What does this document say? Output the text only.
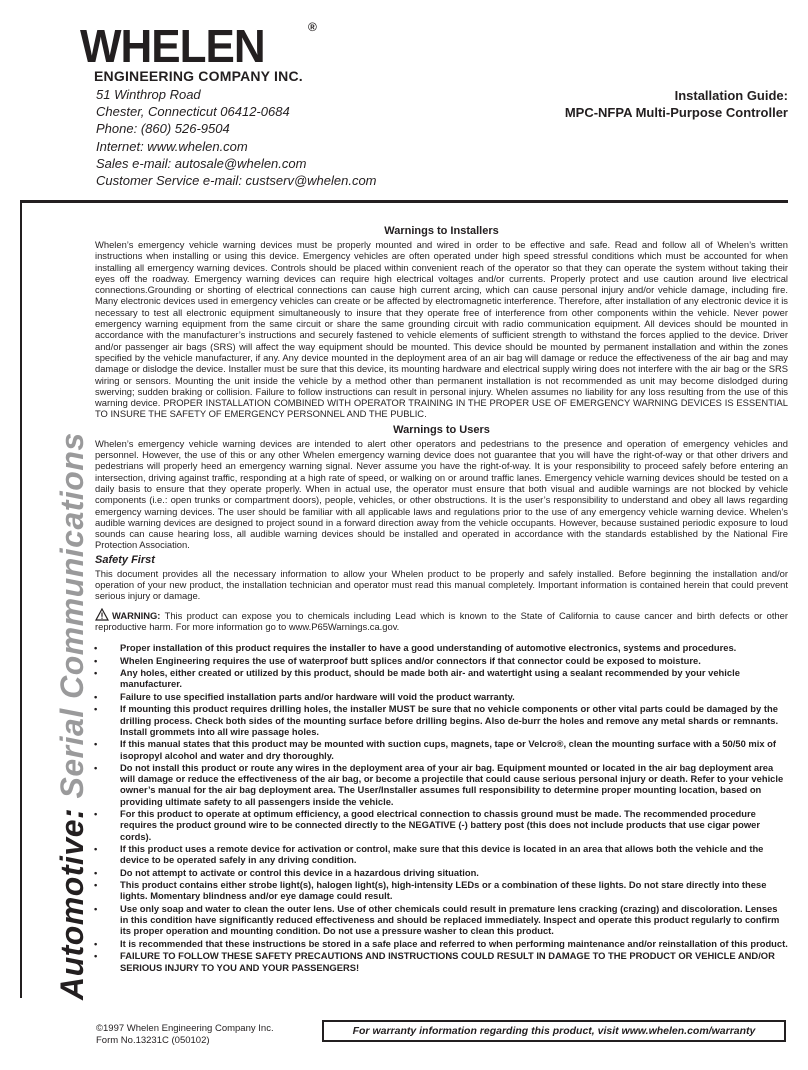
WHELEN	®
ENGINEERING COMPANY INC.
51 Winthrop Road
Chester, Connecticut 06412-0684
Phone: (860) 526-9504
Internet: www.whelen.com
Sales e-mail: autosale@whelen.com
Customer Service e-mail: custserv@whelen.com
Installation Guide:
MPC-NFPA Multi-Purpose Controller
Automotive: Serial Communications
Warnings to Installers

Whelen’s emergency vehicle warning devices must be properly mounted and wired in order to be effective and safe. Read and follow all of Whelen’s written instructions when installing or using this device. Emergency vehicles are often operated under high speed stressful conditions which must be accounted for when installing all emergency warning devices. Controls should be placed within convenient reach of the operator so that they can operate the system without taking their eyes off the roadway. Emergency warning devices can require high electrical voltages and/or currents. Properly protect and use caution around live electrical connections.Grounding or shorting of electrical connections can cause high current arcing, which can cause personal injury and/or vehicle damage, including fire. Many electronic devices used in emergency vehicles can create or be affected by electromagnetic interference. Therefore, after installation of any electronic device it is necessary to test all electronic equipment simultaneously to insure that they operate free of interference from other components within the vehicle. Never power emergency warning equipment from the same circuit or share the same grounding circuit with radio communication equipment. All devices should be mounted in accordance with the manufacturer’s instructions and securely fastened to vehicle elements of sufficient strength to withstand the forces applied to the device. Driver and/or passenger air bags (SRS) will affect the way equipment should be mounted. This device should be mounted by permanent installation and within the zones specified by the vehicle manufacturer, if any. Any device mounted in the deployment area of an air bag will damage or reduce the effectiveness of the air bag and may damage or dislodge the device. Installer must be sure that this device, its mounting hardware and electrical supply wiring does not interfere with the air bag or the SRS wiring or sensors. Mounting the unit inside the vehicle by a method other than permanent installation is not recommended as unit may become dislodged during swerving; sudden braking or collision. Failure to follow instructions can result in personal injury. Whelen assumes no liability for any loss resulting from the use of this warning device. PROPER INSTALLATION COMBINED WITH OPERATOR TRAINING IN THE PROPER USE OF EMERGENCY WARNING DEVICES IS ESSENTIAL TO INSURE THE SAFETY OF EMERGENCY PERSONNEL AND THE PUBLIC.

Warnings to Users

Whelen’s emergency vehicle warning devices are intended to alert other operators and pedestrians to the presence and operation of emergency vehicles and personnel. However, the use of this or any other Whelen emergency warning device does not guarantee that you will have the right-of-way or that other drivers and pedestrians will properly heed an emergency warning signal. Never assume you have the right-of-way. It is your responsibility to proceed safely before entering an intersection, driving against traffic, responding at a high rate of speed, or walking on or around traffic lanes. Emergency vehicle warning devices should be tested on a daily basis to ensure that they operate properly. When in actual use, the operator must ensure that both visual and audible warnings are not blocked by vehicle components (i.e.: open trunks or compartment doors), people, vehicles, or other obstructions. It is the user’s responsibility to understand and obey all laws regarding emergency warning devices. The user should be familiar with all applicable laws and regulations prior to the use of any emergency vehicle warning device. Whelen’s audible warning devices are designed to project sound in a forward direction away from the vehicle occupants. However, because sustained periodic exposure to loud sounds can cause hearing loss, all audible warning devices should be installed and operated in accordance with the standards established by the National Fire Protection Association.

Safety First

This document provides all the necessary information to allow your Whelen product to be properly and safely installed. Before beginning the installation and/or operation of your new product, the installation technician and operator must read this manual completely. Important information is contained herein that could prevent serious injury or damage.

WARNING: This product can expose you to chemicals including Lead which is known to the State of California to cause cancer and birth defects or other reproductive harm. For more information go to www.P65Warnings.ca.gov.

• Proper installation of this product requires the installer to have a good understanding of automotive electronics, systems and procedures.
• Whelen Engineering requires the use of waterproof butt splices and/or connectors if that connector could be exposed to moisture.
• Any holes, either created or utilized by this product, should be made both air- and watertight using a sealant recommended by your vehicle manufacturer.
• Failure to use specified installation parts and/or hardware will void the product warranty.
• If mounting this product requires drilling holes, the installer MUST be sure that no vehicle components or other vital parts could be damaged by the drilling process. Check both sides of the mounting surface before drilling begins. Also de-burr the holes and remove any metal shards or remnants. Install grommets into all wire passage holes.
• If this manual states that this product may be mounted with suction cups, magnets, tape or Velcro®, clean the mounting surface with a 50/50 mix of isopropyl alcohol and water and dry thoroughly.
• Do not install this product or route any wires in the deployment area of your air bag. Equipment mounted or located in the air bag deployment area will damage or reduce the effectiveness of the air bag, or become a projectile that could cause serious personal injury or death. Refer to your vehicle owner’s manual for the air bag deployment area. The User/Installer assumes full responsibility to determine proper mounting location, based on providing ultimate safety to all passengers inside the vehicle.
• For this product to operate at optimum efficiency, a good electrical connection to chassis ground must be made. The recommended procedure requires the product ground wire to be connected directly to the NEGATIVE (-) battery post (this does not include products that use cigar power cords).
• If this product uses a remote device for activation or control, make sure that this device is located in an area that allows both the vehicle and the device to be operated safely in any driving condition.
• Do not attempt to activate or control this device in a hazardous driving situation.
• This product contains either strobe light(s), halogen light(s), high-intensity LEDs or a combination of these lights. Do not stare directly into these lights. Momentary blindness and/or eye damage could result.
• Use only soap and water to clean the outer lens. Use of other chemicals could result in premature lens cracking (crazing) and discoloration. Lenses in this condition have significantly reduced effectiveness and should be replaced immediately. Inspect and operate this product regularly to confirm its proper operation and mounting condition. Do not use a pressure washer to clean this product.
• It is recommended that these instructions be stored in a safe place and referred to when performing maintenance and/or reinstallation of this product.
• FAILURE TO FOLLOW THESE SAFETY PRECAUTIONS AND INSTRUCTIONS COULD RESULT IN DAMAGE TO THE PRODUCT OR VEHICLE AND/OR SERIOUS INJURY TO YOU AND YOUR PASSENGERS!
©1997 Whelen Engineering Company Inc.
Form No.13231C (050102)
For warranty information regarding this product, visit www.whelen.com/warranty
